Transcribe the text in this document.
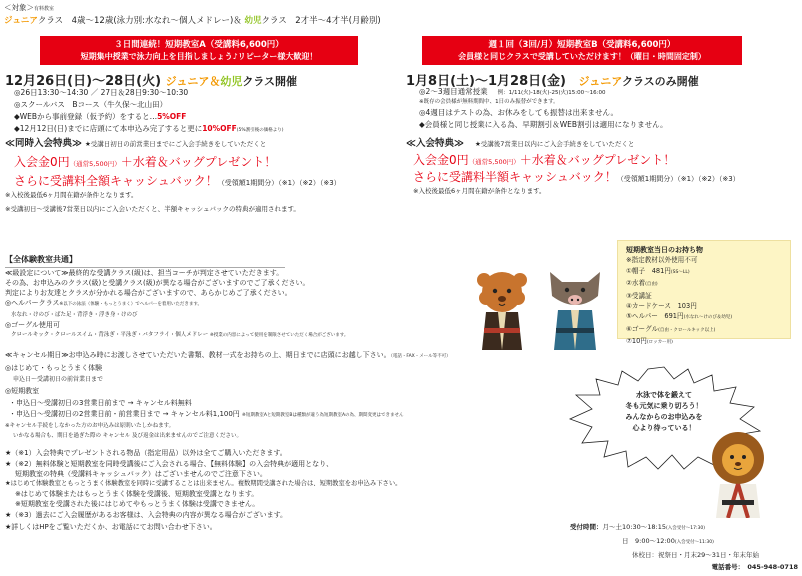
＜対象＞有料教室
ジュニアクラス　4歳〜12歳(泳力別:水なれ〜個人メドレー)＆ 幼児クラス　2才半〜4才半(月齢別)
３日間連続！短期教室A（受講料6,600円）
短期集中授業で泳力向上を目指しましょう♪リピーター様大歓迎！
週１回（3回/月）短期教室B（受講料6,600円）
会員様と同じクラスで受講していただけます！（曜日・時間固定制）
12月26日(日)〜28日(火) ジュニア＆幼児クラス開催
◎26日13:30〜14:30 ／ 27日＆28日9:30〜10:30
◎スクールバス　Bコース（牛久保〜北山田）
◆WEBから事前登録（仮予約）をすると…5%OFF
◆12月12日(日)までに店頭にて本申込み完了すると更に10%OFF(5%割引後の価格より)
≪同時入会特典≫ ★受講日初日の前営業日までにご入会手続きをしていただくと
入会金0円（通常5,500円）＋水着＆バッグプレゼント！
さらに受講料全額キャッシュバック！（受領額1期間分）（※1）（※2）（※3）
※入校後最低6ヶ月間在籍が条件となります。
※受講初日〜受講後7営業日以内にご入会いただくと、半額キャッシュバックの特典が適用されます。
1月8日(土)〜1月28日(金) ジュニアクラスのみ開催
◎2〜3週目通常授業 例：1/11(火)-18(火)-25(火)15:00〜16:00
※既存の会員様が無料期間中、1日のみ振替ができます。
◎4週目はテストの為、お休みをしても振替は出来ません。
◆会員様と同じ授業に入る為、早期割引＆WEB割引は適用になりません。
≪入会特典≫ ★受講後7営業日以内にご入会手続きをしていただくと
入会金0円（通常5,500円）＋水着＆バッグプレゼント！
さらに受講料半額キャッシュバック！（受領額1期間分）（※1）（※2）（※3）
※入校後最低6ヶ月間在籍が条件となります。
【全体験教室共通】
≪級設定について≫最終的な受講クラス(級)は、担当コーチが判定させていただきます。
その為、お申込みのクラス(級)と受講クラス(級)が異なる場合がございますのでご了承ください。
判定によりお友達とクラスが分かれる場合がございますので、あらかじめご了承ください。
◎ヘルパークラス※以下の泳法（体験・もっとうまく）でヘルパーを着用いただきます。
水なれ・けのび・ばた足・背浮き・浮き身・けのび
◎ゴーグル使用可
クロールキック・クロールスイム・背泳ぎ・平泳ぎ・バタフライ・個人メドレー ※授業の内容によって使用を制限させていただく場合がございます。
≪キャンセル期日≫お申込み時にお渡しさせていただいた書類、教材一式をお持ちの上、期日までに店頭にお越し下さい。（電話・FAX・メール等不可）
◎はじめて・もっとうまく体験
申込日〜受講初日の前営業日まで
◎短期教室
・申込日〜受講初日の3営業日前まで → キャンセル料無料
・申込日〜受講初日の2営業日前・前営業日まで → キャンセル料1,100円 ※短期教室Aと短期教室Bは種類が違う為短期教室Aの為、期間変更はできません
※キャンセル手続をしなかった方のお申込みは原則いたしかねます。
いかなる場合も、期日を過ぎた際の キャンセル 及び返金は出来ませんのでご注意ください。
★（※1）入会特典でプレゼントされる物品（指定用品）以外は全てご購入いただきます。
★（※2）無料体験と短期教室を同時受講後にご入会される場合、【無料体験】の入会特典が適用となり、
短期教室の特典（受講料キャッシュバック）はございませんのでご注意下さい。
★はじめて体験教室ともっとうまく体験教室を同時に受講することは出来ません。複数期間受講された場合は、短期教室をお申込み下さい。
※はじめて体験またはもっとうまく体験を受講後、短期教室受講となります。
※短期教室を受講された後にはじめてやもっとうまく体験は受講できません。
★（※3）過去にご入会履歴があるお客様は、入会特典の内容が異なる場合がございます。
★詳しくはHPをご覧いただくか、お電話にてお問い合わせ下さい。
短期教室当日のお持ち物
※指定教材以外使用不可
①帽子　481円(SS〜LL)
②水着(自由)
③受講証
④カードケース　103円
⑤ヘルパー　691円(水なれ〜けのび＆幼児)
⑥ゴーグル(自由・クロールキック以上)
⑦10円(ロッカー用)
水泳で体を鍛えて
冬も元気に乗り切ろう！
みんなからのお申込みを
心より待っている！
受付時間：月〜土10:30〜18:15(入会受付〜17:30)
日　9:00〜12:00(入会受付〜11:30)
休校日：祝祭日・月末29〜31日・年末年始
電話番号：　045-948-0718
